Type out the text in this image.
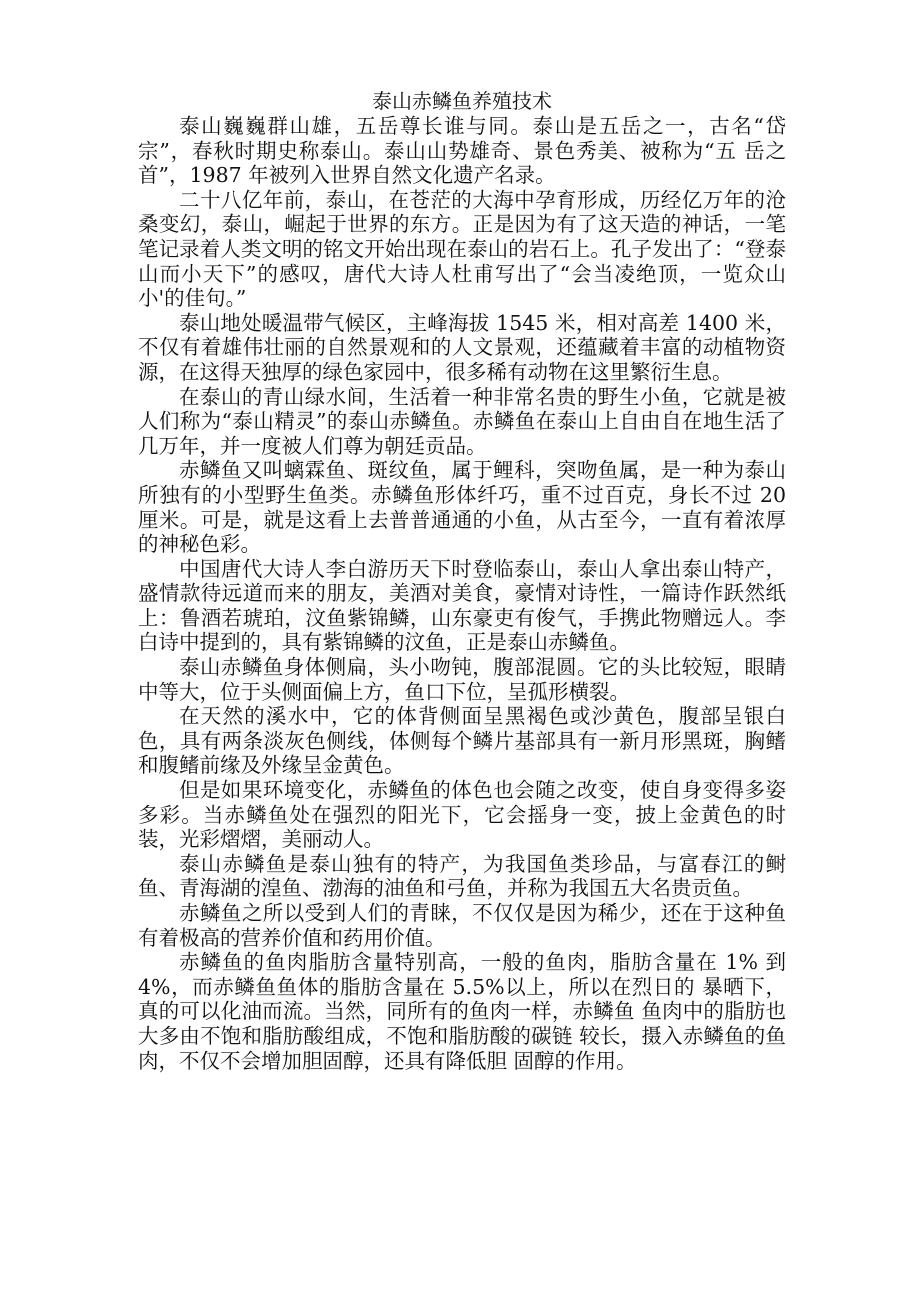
泰山赤鳞鱼养殖技术

泰山巍巍群山雄，五岳尊长谁与同。泰山是五岳之一，古名“岱宗”，春秋时期史称泰山。泰山山势雄奇、景色秀美、被称为“五 岳之首”，1987 年被列入世界自然文化遗产名录。

二十八亿年前，泰山，在苍茫的大海中孕育形成，历经亿万年的沧桑变幻，泰山，崛起于世界的东方。正是因为有了这天造的神话，一笔笔记录着人类文明的铭文开始出现在泰山的岩石上。孔子发出了：“登泰山而小天下”的感叹，唐代大诗人杜甫写出了“会当凌绝顶，一览众山小'的佳句。”

泰山地处暖温带气候区，主峰海拔 1545 米，相对高差 1400 米，不仅有着雄伟壮丽的自然景观和的人文景观，还蕴藏着丰富的动植物资源，在这得天独厚的绿色家园中，很多稀有动物在这里繁衍生息。

在泰山的青山绿水间，生活着一种非常名贵的野生小鱼，它就是被人们称为“泰山精灵”的泰山赤鳞鱼。赤鳞鱼在泰山上自由自在地生活了几万年，并一度被人们尊为朝廷贡品。

赤鳞鱼又叫螭霖鱼、斑纹鱼，属于鲤科，突吻鱼属，是一种为泰山所独有的小型野生鱼类。赤鳞鱼形体纤巧，重不过百克，身长不过 20 厘米。可是，就是这看上去普普通通的小鱼，从古至今，一直有着浓厚的神秘色彩。

中国唐代大诗人李白游历天下时登临泰山，泰山人拿出泰山特产，盛情款待远道而来的朋友，美酒对美食，豪情对诗性，一篇诗作跃然纸上：鲁酒若琥珀，汶鱼紫锦鳞，山东豪吏有俊气，手携此物赠远人。李白诗中提到的，具有紫锦鳞的汶鱼，正是泰山赤鳞鱼。

泰山赤鳞鱼身体侧扁，头小吻钝，腹部混圆。它的头比较短，眼睛中等大，位于头侧面偏上方，鱼口下位，呈孤形横裂。

在天然的溪水中，它的体背侧面呈黑褐色或沙黄色，腹部呈银白色，具有两条淡灰色侧线，体侧每个鳞片基部具有一新月形黑斑，胸鳍和腹鳍前缘及外缘呈金黄色。

但是如果环境变化，赤鳞鱼的体色也会随之改变，使自身变得多姿多彩。当赤鳞鱼处在强烈的阳光下，它会摇身一变，披上金黄色的时装，光彩熠熠，美丽动人。

泰山赤鳞鱼是泰山独有的特产，为我国鱼类珍品，与富春江的鲥鱼、青海湖的湟鱼、渤海的油鱼和弓鱼，并称为我国五大名贵贡鱼。

赤鳞鱼之所以受到人们的青睐，不仅仅是因为稀少，还在于这种鱼有着极高的营养价值和药用价值。

赤鳞鱼的鱼肉脂肪含量特别高，一般的鱼肉，脂肪含量在 1% 到 4%，而赤鳞鱼鱼体的脂肪含量在 5.5%以上，所以在烈日的 暴晒下，真的可以化油而流。当然，同所有的鱼肉一样，赤鳞鱼 鱼肉中的脂肪也大多由不饱和脂肪酸组成，不饱和脂肪酸的碳链 较长，摄入赤鳞鱼的鱼肉，不仅不会增加胆固醇，还具有降低胆 固醇的作用。
